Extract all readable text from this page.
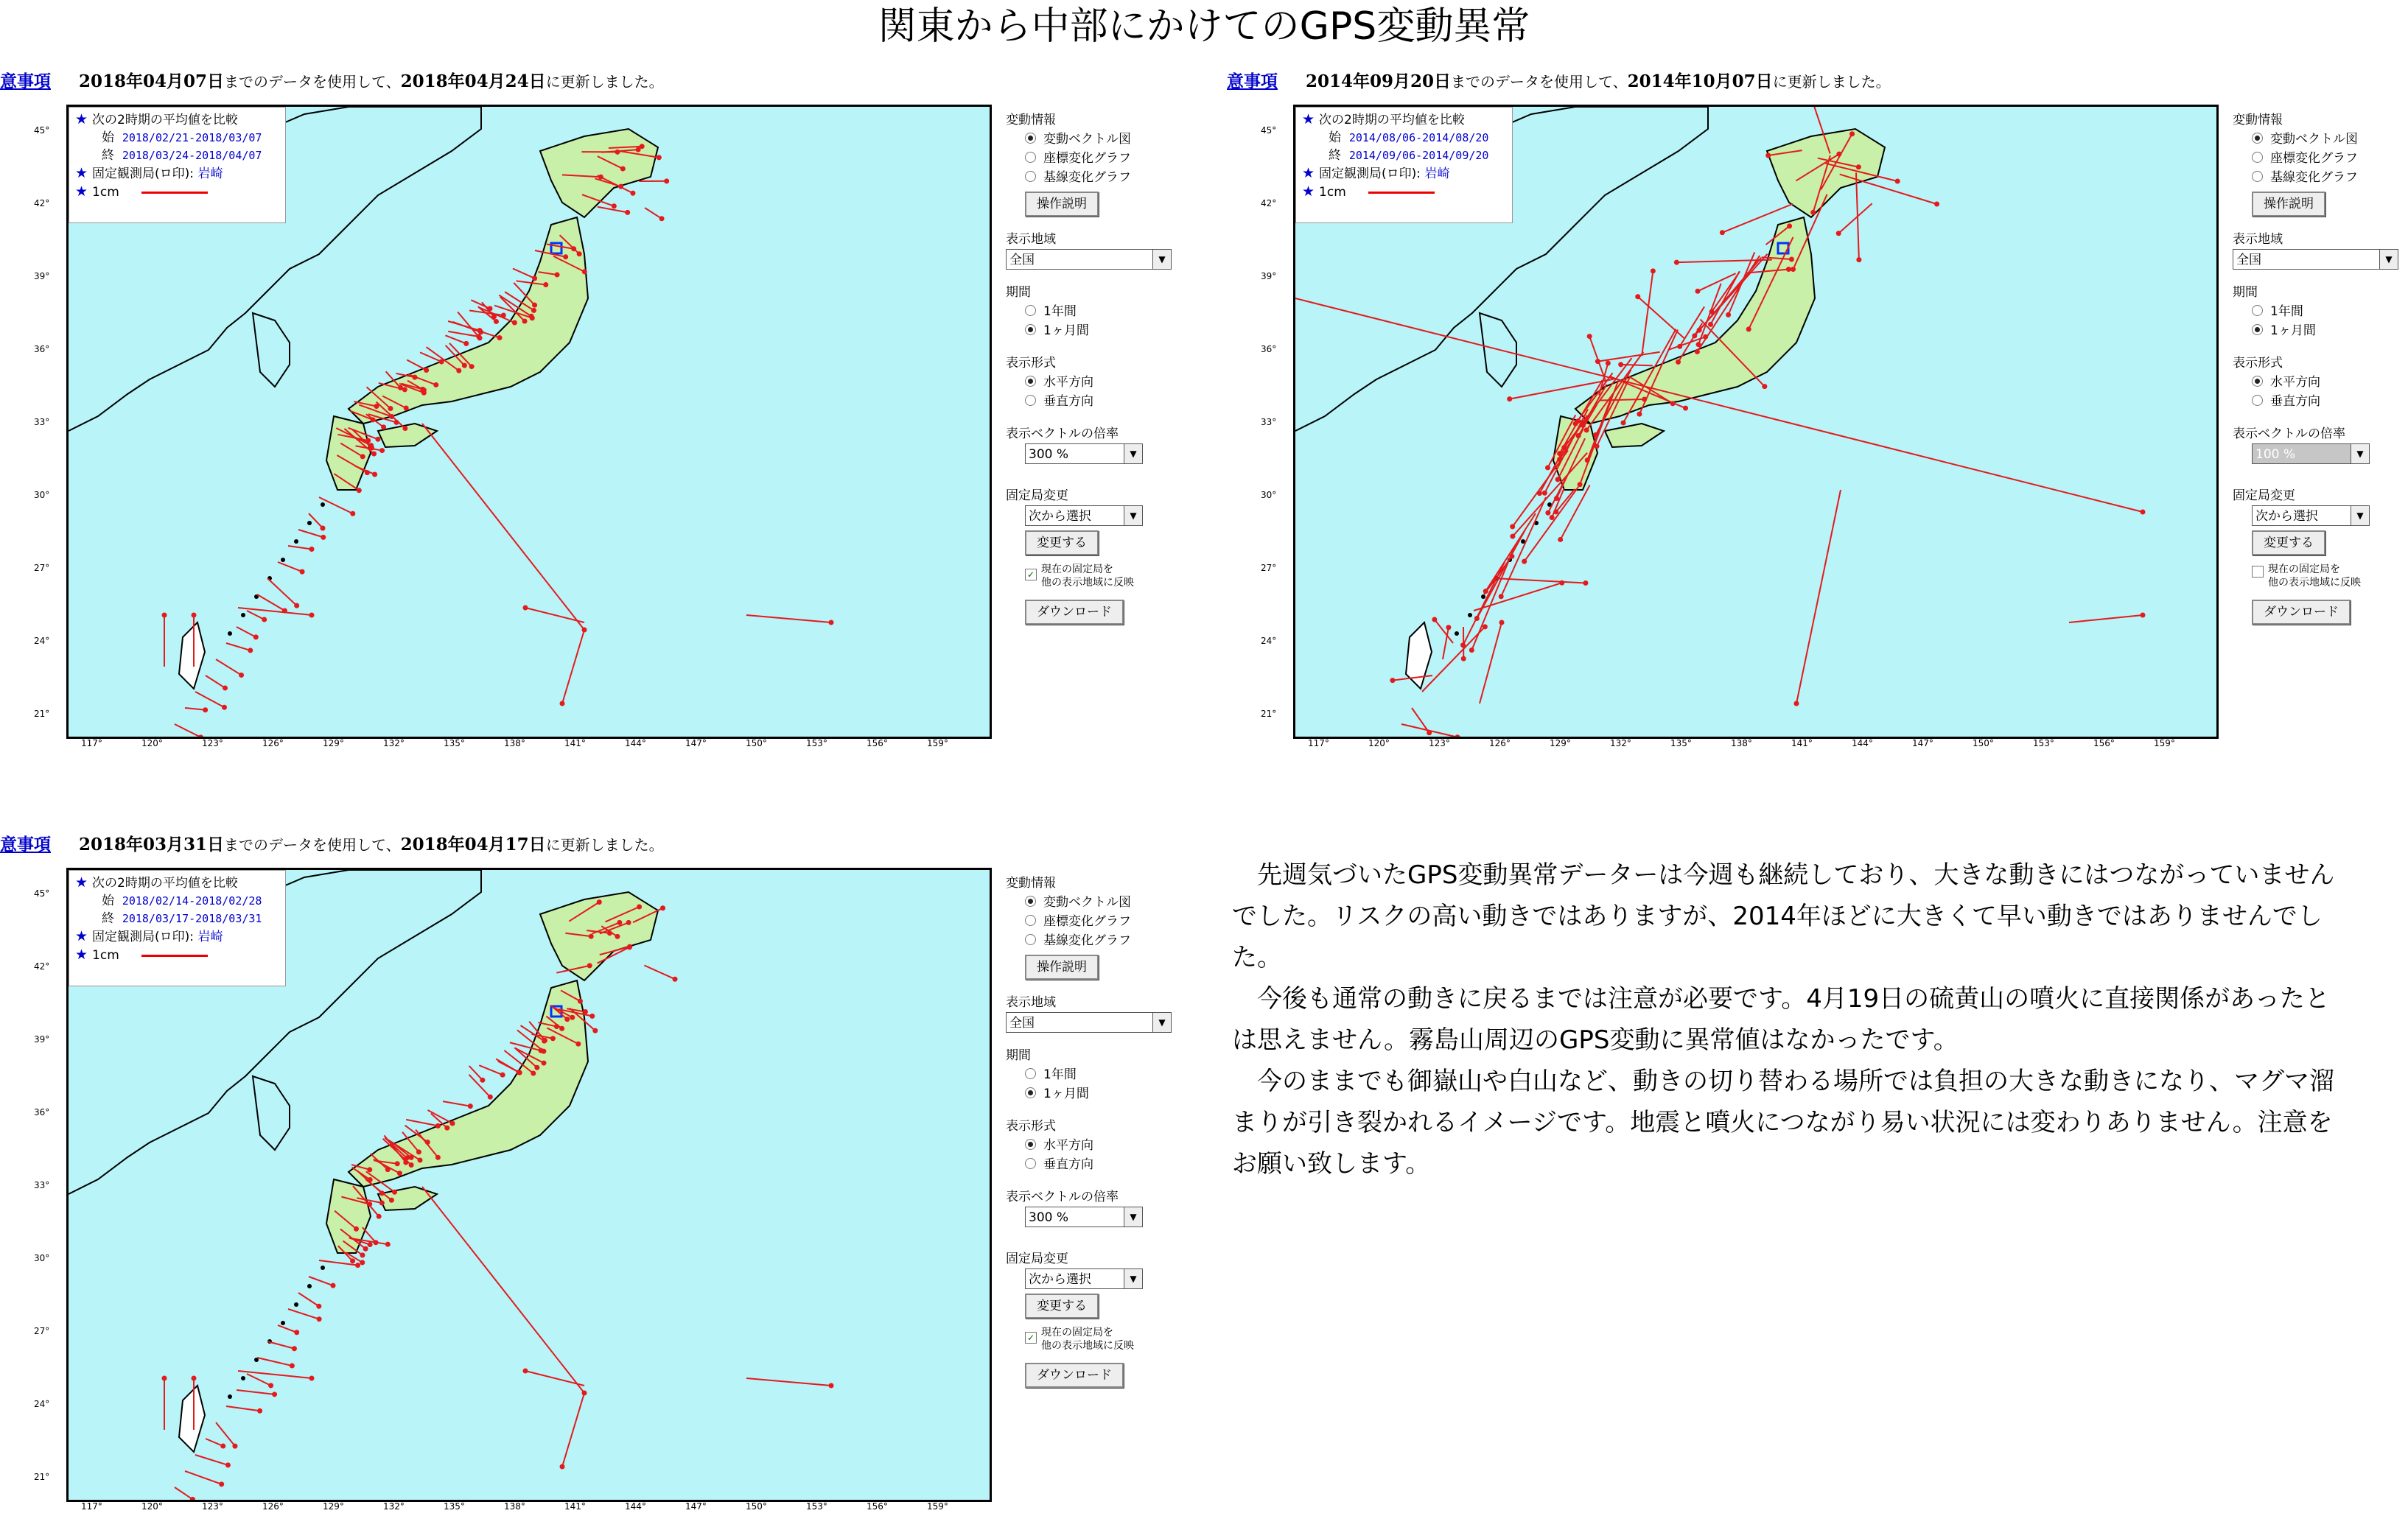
関東から中部にかけてのGPS変動異常
意事項 2018年04月07日までのデータを使用して、2018年04月24日に更新しました。
★ 次の2時期の平均値を比較
始 2018/02/21-2018/03/07
終 2018/03/24-2018/04/07
★ 固定観測局(ロ印): 岩崎
★ 1cm
45°
42°
39°
36°
33°
30°
27°
24°
21°
117°	120°	123°	126°	129°	132°	135°	138°	141°	144°	147°	150°	153°	156°	159°
変動情報
変動ベクトル図
座標変化グラフ
基線変化グラフ
操作説明
表示地域
全国	▼
期間
1年間
1ヶ月間
表示形式
水平方向
垂直方向
表示ベクトルの倍率
300 %	▼
固定局変更
次から選択	▼
変更する
✓ 現在の固定局を
他の表示地域に反映
ダウンロード
意事項 2014年09月20日までのデータを使用して、2014年10月07日に更新しました。
★ 次の2時期の平均値を比較
始 2014/08/06-2014/08/20
終 2014/09/06-2014/09/20
★ 固定観測局(ロ印): 岩崎
★ 1cm
45°
42°
39°
36°
33°
30°
27°
24°
21°
117°	120°	123°	126°	129°	132°	135°	138°	141°	144°	147°	150°	153°	156°	159°
変動情報
変動ベクトル図
座標変化グラフ
基線変化グラフ
操作説明
表示地域
全国	▼
期間
1年間
1ヶ月間
表示形式
水平方向
垂直方向
表示ベクトルの倍率
100 %	▼
固定局変更
次から選択	▼
変更する
現在の固定局を
他の表示地域に反映
ダウンロード
意事項 2018年03月31日までのデータを使用して、2018年04月17日に更新しました。
★ 次の2時期の平均値を比較
始 2018/02/14-2018/02/28
終 2018/03/17-2018/03/31
★ 固定観測局(ロ印): 岩崎
★ 1cm
45°
42°
39°
36°
33°
30°
27°
24°
21°
117°	120°	123°	126°	129°	132°	135°	138°	141°	144°	147°	150°	153°	156°	159°
変動情報
変動ベクトル図
座標変化グラフ
基線変化グラフ
操作説明
表示地域
全国	▼
期間
1年間
1ヶ月間
表示形式
水平方向
垂直方向
表示ベクトルの倍率
300 %	▼
固定局変更
次から選択	▼
変更する
✓ 現在の固定局を
他の表示地域に反映
ダウンロード

先週気づいたGPS変動異常データーは今週も継続しており、大きな動きにはつながっていませんでした。リスクの高い動きではありますが、2014年ほどに大きくて早い動きではありませんでした。

今後も通常の動きに戻るまでは注意が必要です。4月19日の硫黄山の噴火に直接関係があったとは思えません。霧島山周辺のGPS変動に異常値はなかったです。

今のままでも御嶽山や白山など、動きの切り替わる場所では負担の大きな動きになり、マグマ溜まりが引き裂かれるイメージです。地震と噴火につながり易い状況には変わりありません。注意をお願い致します。
